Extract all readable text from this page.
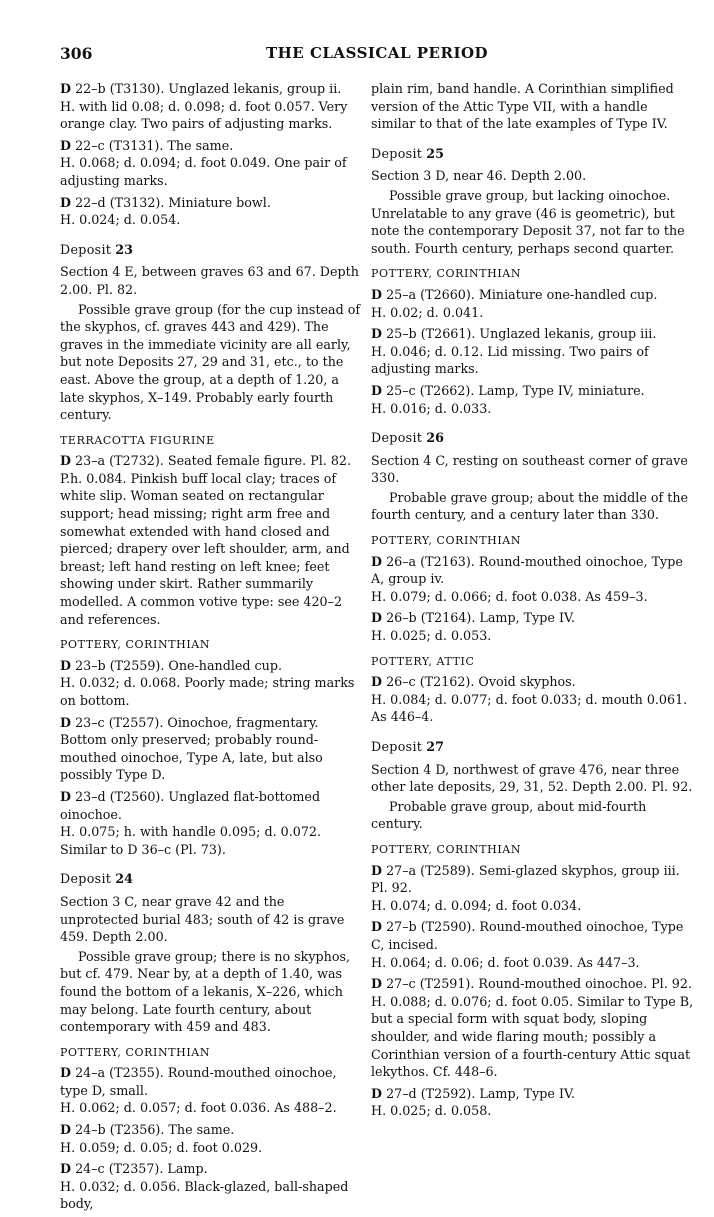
306	THE CLASSICAL PERIOD
D 22–b (T3130). Unglazed lekanis, group ii.
H. with lid 0.08; d. 0.098; d. foot 0.057. Very orange clay. Two pairs of adjusting marks.
D 22–c (T3131). The same.
H. 0.068; d. 0.094; d. foot 0.049. One pair of adjusting marks.
D 22–d (T3132). Miniature bowl.
H. 0.024; d. 0.054.
Deposit 23
Section 4 E, between graves 63 and 67. Depth 2.00. Pl. 82.
Possible grave group (for the cup instead of the skyphos, cf. graves 443 and 429). The graves in the immediate vicinity are all early, but note Deposits 27, 29 and 31, etc., to the east. Above the group, at a depth of 1.20, a late skyphos, X–149. Probably early fourth century.
TERRACOTTA FIGURINE
D 23–a (T2732). Seated female figure. Pl. 82.
P.h. 0.084. Pinkish buff local clay; traces of white slip. Woman seated on rectangular support; head missing; right arm free and somewhat extended with hand closed and pierced; drapery over left shoulder, arm, and breast; left hand resting on left knee; feet showing under skirt. Rather summarily modelled. A common votive type: see 420–2 and references.
POTTERY, CORINTHIAN
D 23–b (T2559). One-handled cup.
H. 0.032; d. 0.068. Poorly made; string marks on bottom.
D 23–c (T2557). Oinochoe, fragmentary.
Bottom only preserved; probably round-mouthed oinochoe, Type A, late, but also possibly Type D.
D 23–d (T2560). Unglazed flat-bottomed oinochoe.
H. 0.075; h. with handle 0.095; d. 0.072. Similar to D 36–c (Pl. 73).
Deposit 24
Section 3 C, near grave 42 and the unprotected burial 483; south of 42 is grave 459. Depth 2.00.
Possible grave group; there is no skyphos, but cf. 479. Near by, at a depth of 1.40, was found the bottom of a lekanis, X–226, which may belong. Late fourth century, about contemporary with 459 and 483.
POTTERY, CORINTHIAN
D 24–a (T2355). Round-mouthed oinochoe, type D, small.
H. 0.062; d. 0.057; d. foot 0.036. As 488–2.
D 24–b (T2356). The same.
H. 0.059; d. 0.05; d. foot 0.029.
D 24–c (T2357). Lamp.
H. 0.032; d. 0.056. Black-glazed, ball-shaped body,
plain rim, band handle. A Corinthian simplified version of the Attic Type VII, with a handle similar to that of the late examples of Type IV.
Deposit 25
Section 3 D, near 46. Depth 2.00.
Possible grave group, but lacking oinochoe. Unrelatable to any grave (46 is geometric), but note the contemporary Deposit 37, not far to the south. Fourth century, perhaps second quarter.
POTTERY, CORINTHIAN
D 25–a (T2660). Miniature one-handled cup.
H. 0.02; d. 0.041.
D 25–b (T2661). Unglazed lekanis, group iii.
H. 0.046; d. 0.12. Lid missing. Two pairs of adjusting marks.
D 25–c (T2662). Lamp, Type IV, miniature.
H. 0.016; d. 0.033.
Deposit 26
Section 4 C, resting on southeast corner of grave 330.
Probable grave group; about the middle of the fourth century, and a century later than 330.
POTTERY, CORINTHIAN
D 26–a (T2163). Round-mouthed oinochoe, Type A, group iv.
H. 0.079; d. 0.066; d. foot 0.038. As 459–3.
D 26–b (T2164). Lamp, Type IV.
H. 0.025; d. 0.053.
POTTERY, ATTIC
D 26–c (T2162). Ovoid skyphos.
H. 0.084; d. 0.077; d. foot 0.033; d. mouth 0.061. As 446–4.
Deposit 27
Section 4 D, northwest of grave 476, near three other late deposits, 29, 31, 52. Depth 2.00. Pl. 92.
Probable grave group, about mid-fourth century.
POTTERY, CORINTHIAN
D 27–a (T2589). Semi-glazed skyphos, group iii. Pl. 92.
H. 0.074; d. 0.094; d. foot 0.034.
D 27–b (T2590). Round-mouthed oinochoe, Type C, incised.
H. 0.064; d. 0.06; d. foot 0.039. As 447–3.
D 27–c (T2591). Round-mouthed oinochoe. Pl. 92.
H. 0.088; d. 0.076; d. foot 0.05. Similar to Type B, but a special form with squat body, sloping shoulder, and wide flaring mouth; possibly a Corinthian version of a fourth-century Attic squat lekythos. Cf. 448–6.
D 27–d (T2592). Lamp, Type IV.
H. 0.025; d. 0.058.
